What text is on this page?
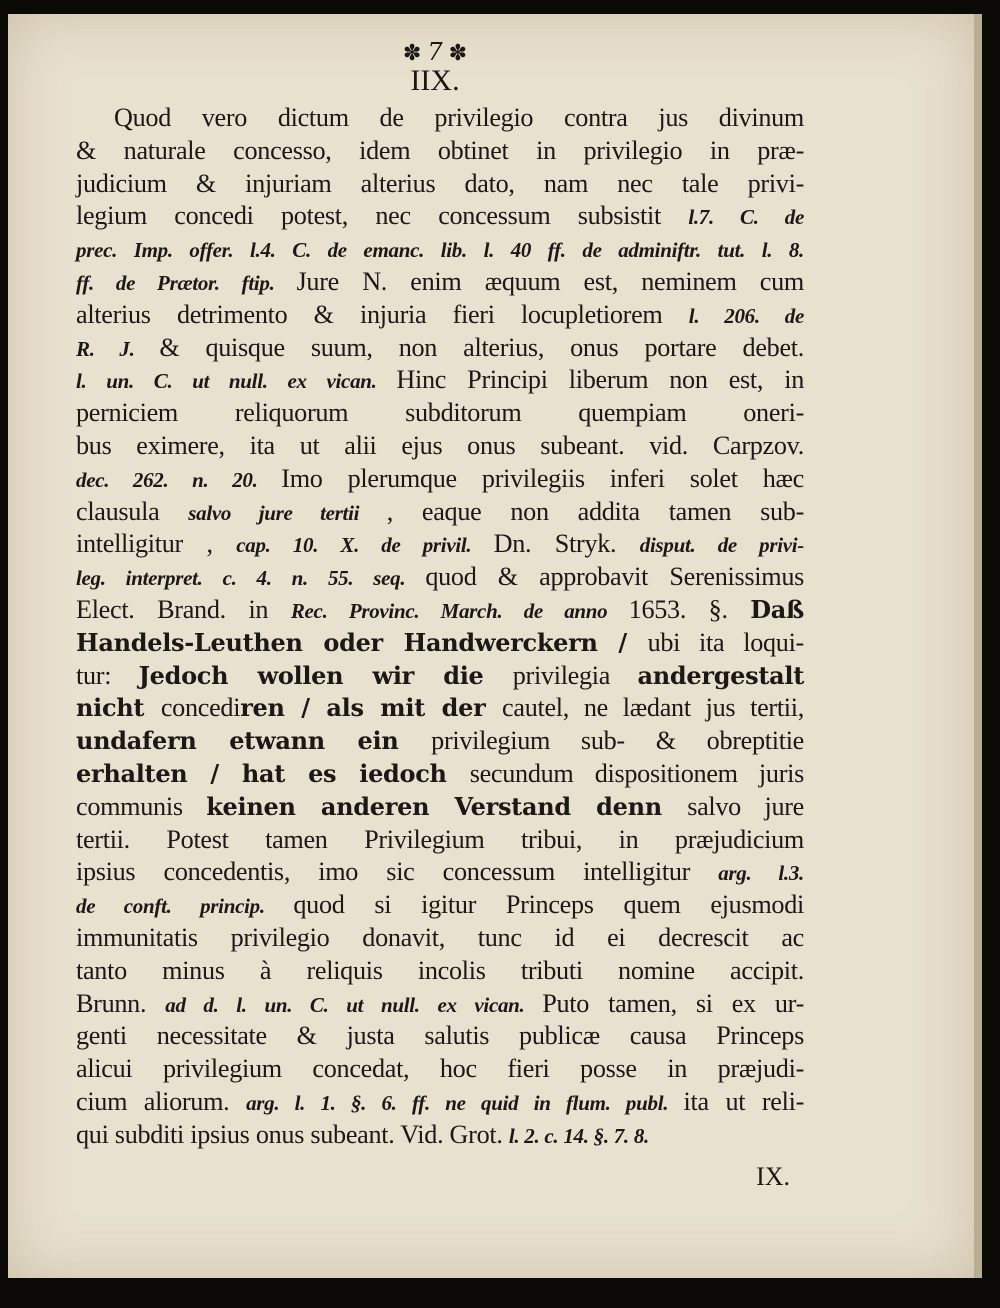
✽ 7 ✽
IIX.
Quod vero dictum de privilegio contra jus divinum
& naturale concesso, idem obtinet in privilegio in præ-
judicium & injuriam alterius dato, nam nec tale privi-
legium concedi potest, nec concessum subsistit l.7. C. de
prec. Imp. offer. l.4. C. de emanc. lib. l. 40 ff. de adminiftr. tut. l. 8.
ff. de Prætor. ftip. Jure N. enim æquum est, neminem cum
alterius detrimento & injuria fieri locupletiorem l. 206. de
R. J. & quisque suum, non alterius, onus portare debet.
l. un. C. ut null. ex vican. Hinc Principi liberum non est, in
perniciem reliquorum subditorum quempiam oneri-
bus eximere, ita ut alii ejus onus subeant. vid. Carpzov.
dec. 262. n. 20. Imo plerumque privilegiis inferi solet hæc
clausula salvo jure tertii , eaque non addita tamen sub-
intelligitur , cap. 10. X. de privil. Dn. Stryk. disput. de privi-
leg. interpret. c. 4. n. 55. seq. quod & approbavit Serenissimus
Elect. Brand. in Rec. Provinc. March. de anno 1653. §. Daß
Handels-Leuthen oder Handwerckern / ubi ita loqui-
tur: Jedoch wollen wir die privilegia andergestalt
nicht concediren / als mit der cautel, ne lædant jus tertii,
undafern etwann ein privilegium sub- & obreptitie
erhalten / hat es iedoch secundum dispositionem juris
communis keinen anderen Verstand denn salvo jure
tertii. Potest tamen Privilegium tribui, in præjudicium
ipsius concedentis, imo sic concessum intelligitur arg. l.3.
de conft. princip. quod si igitur Princeps quem ejusmodi
immunitatis privilegio donavit, tunc id ei decrescit ac
tanto minus à reliquis incolis tributi nomine accipit.
Brunn. ad d. l. un. C. ut null. ex vican. Puto tamen, si ex ur-
genti necessitate & justa salutis publicæ causa Princeps
alicui privilegium concedat, hoc fieri posse in præjudi-
cium aliorum. arg. l. 1. §. 6. ff. ne quid in flum. publ. ita ut reli-
qui subditi ipsius onus subeant. Vid. Grot. l. 2. c. 14. §. 7. 8.
IX.
